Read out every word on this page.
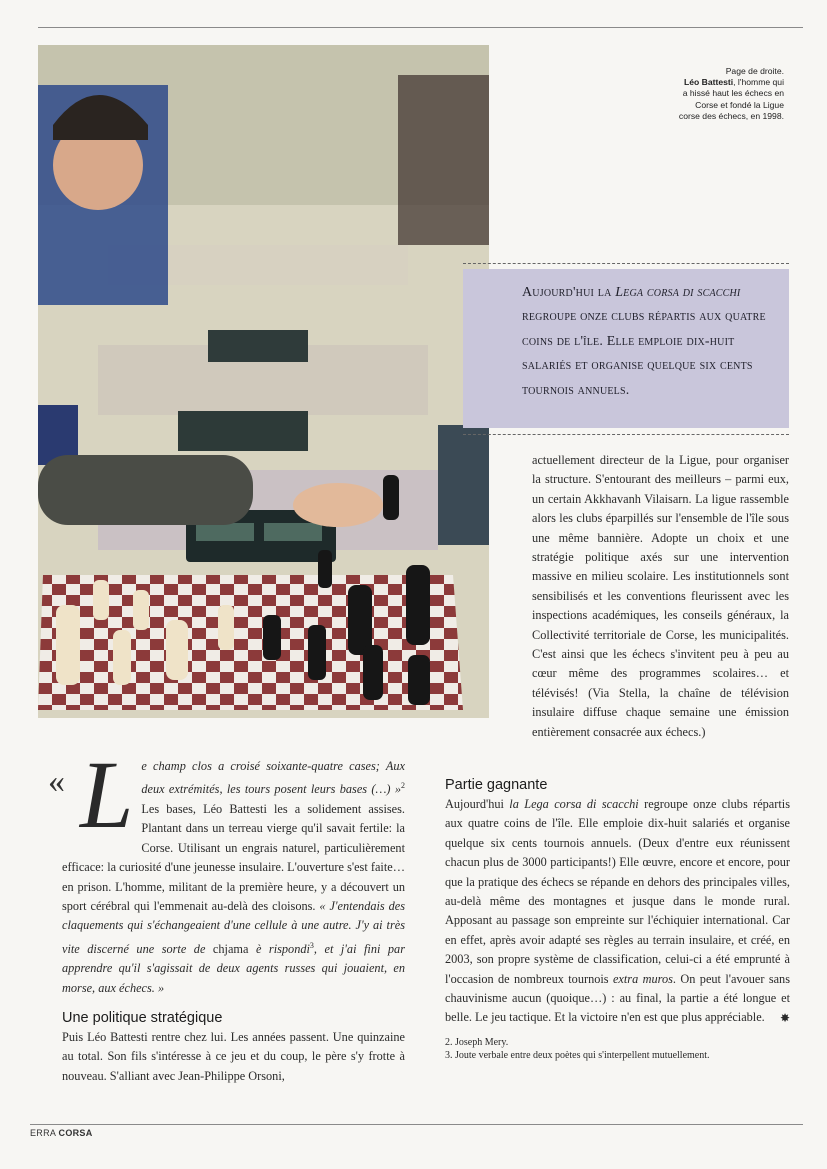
Page de droite.
Léo Battesti, l'homme qui a hissé haut les échecs en Corse et fondé la Ligue corse des échecs, en 1998.

Aujourd'hui la Lega corsa di scacchi regroupe onze clubs répartis aux quatre coins de l'île. Elle emploie dix-huit salariés et organise quelque six cents tournois annuels.

actuellement directeur de la Ligue, pour organiser la structure. S'entourant des meilleurs – parmi eux, un certain Akkhavanh Vilaisarn. La ligue rassemble alors les clubs éparpillés sur l'ensemble de l'île sous une même bannière. Adopte un choix et une stratégie politique axés sur une intervention massive en milieu scolaire. Les institutionnels sont sensibilisés et les conventions fleurissent avec les inspections académiques, les conseils généraux, la Collectivité territoriale de Corse, les municipalités. C'est ainsi que les échecs s'invitent peu à peu au cœur même des programmes scolaires… et télévisés! (Via Stella, la chaîne de télévision insulaire diffuse chaque semaine une émission entièrement consacrée aux échecs.)

« Le champ clos a croisé soixante-quatre cases; Aux deux extrémités, les tours posent leurs bases (…) »$^2$ Les bases, Léo Battesti les a solidement assises. Plantant dans un terreau vierge qu'il savait fertile: la Corse. Utilisant un engrais naturel, particulièrement efficace: la curiosité d'une jeunesse insulaire. L'ouverture s'est faite… en prison. L'homme, militant de la première heure, y a découvert un sport cérébral qui l'emmenait au-delà des cloisons. « J'entendais des claquements qui s'échangeaient d'une cellule à une autre. J'y ai très vite discerné une sorte de chjama è rispondi$^3$, et j'ai fini par apprendre qu'il s'agissait de deux agents russes qui jouaient, en morse, aux échecs. »

Une politique stratégique

Puis Léo Battesti rentre chez lui. Les années passent. Une quinzaine au total. Son fils s'intéresse à ce jeu et du coup, le père s'y frotte à nouveau. S'alliant avec Jean-Philippe Orsoni,

Partie gagnante

Aujourd'hui la Lega corsa di scacchi regroupe onze clubs répartis aux quatre coins de l'île. Elle emploie dix-huit salariés et organise quelque six cents tournois annuels. (Deux d'entre eux réunissent chacun plus de 3000 participants!) Elle œuvre, encore et encore, pour que la pratique des échecs se répande en dehors des principales villes, au-delà même des montagnes et jusque dans le monde rural. Apposant au passage son empreinte sur l'échiquier international. Car en effet, après avoir adapté ses règles au terrain insulaire, et créé, en 2003, son propre système de classification, celui-ci a été emprunté à l'occasion de nombreux tournois extra muros. On peut l'avouer sans chauvinisme aucun (quoique…) : au final, la partie a été longue et belle. Le jeu tactique. Et la victoire n'en est que plus appréciable. ✸

2. Joseph Mery.
3. Joute verbale entre deux poètes qui s'interpellent mutuellement.
ERRA CORSA
